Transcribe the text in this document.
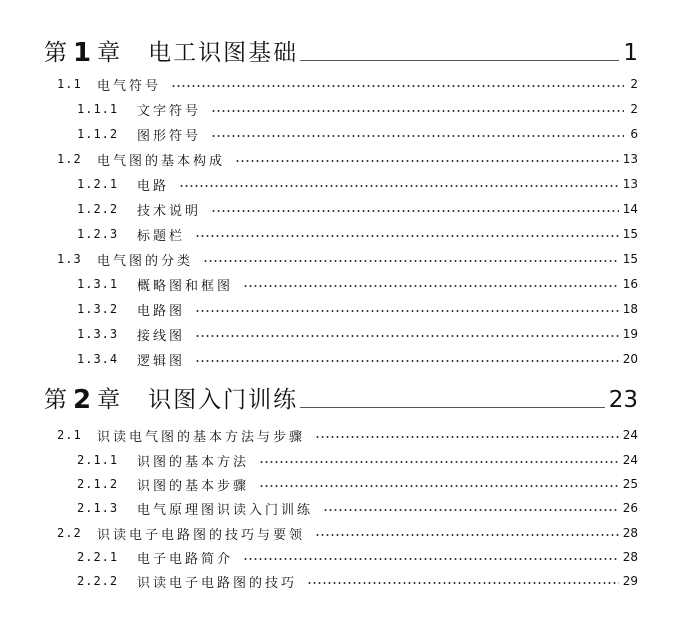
第 1 章 电工识图基础	1
1.1	电气符号	2
1.1.1	文字符号	2
1.1.2	图形符号	6
1.2	电气图的基本构成	13
1.2.1	电路	13
1.2.2	技术说明	14
1.2.3	标题栏	15
1.3	电气图的分类	15
1.3.1	概略图和框图	16
1.3.2	电路图	18
1.3.3	接线图	19
1.3.4	逻辑图	20
第 2 章 识图入门训练	23
2.1	识读电气图的基本方法与步骤	24
2.1.1	识图的基本方法	24
2.1.2	识图的基本步骤	25
2.1.3	电气原理图识读入门训练	26
2.2	识读电子电路图的技巧与要领	28
2.2.1	电子电路简介	28
2.2.2	识读电子电路图的技巧	29
